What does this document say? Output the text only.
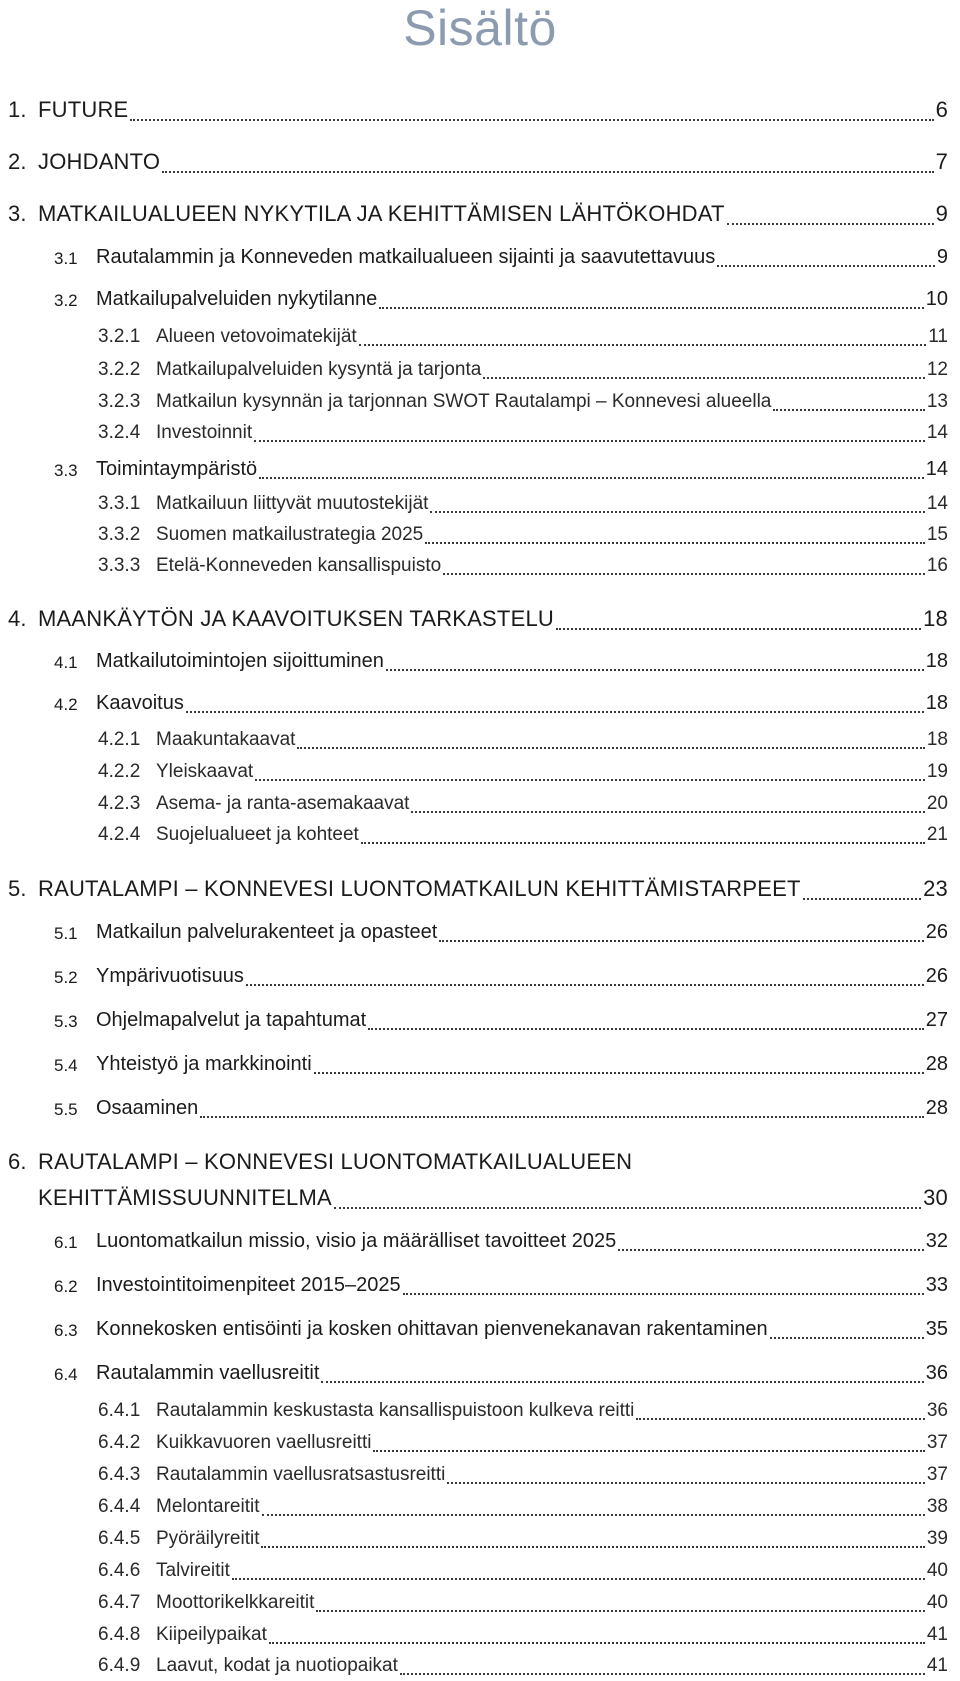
Sisältö
1. FUTURE	6
2. JOHDANTO	7
3. MATKAILUALUEEN NYKYTILA JA KEHITTÄMISEN LÄHTÖKOHDAT	9
3.1 Rautalammin ja Konneveden matkailualueen sijainti ja saavutettavuus	9
3.2 Matkailupalveluiden nykytilanne	10
3.2.1 Alueen vetovoimatekijät	11
3.2.2 Matkailupalveluiden kysyntä ja tarjonta	12
3.2.3 Matkailun kysynnän ja tarjonnan SWOT Rautalampi – Konnevesi alueella	13
3.2.4 Investoinnit	14
3.3 Toimintaympäristö	14
3.3.1 Matkailuun liittyvät muutostekijät	14
3.3.2 Suomen matkailustrategia 2025	15
3.3.3 Etelä-Konneveden kansallispuisto	16
4. MAANKÄYTÖN JA KAAVOITUKSEN TARKASTELU	18
4.1 Matkailutoimintojen sijoittuminen	18
4.2 Kaavoitus	18
4.2.1 Maakuntakaavat	18
4.2.2 Yleiskaavat	19
4.2.3 Asema- ja ranta-asemakaavat	20
4.2.4 Suojelualueet ja kohteet	21
5. RAUTALAMPI – KONNEVESI LUONTOMATKAILUN KEHITTÄMISTARPEET	23
5.1 Matkailun palvelurakenteet ja opasteet	26
5.2 Ympärivuotisuus	26
5.3 Ohjelmapalvelut ja tapahtumat	27
5.4 Yhteistyö ja markkinointi	28
5.5 Osaaminen	28
6. RAUTALAMPI – KONNEVESI LUONTOMATKAILUALUEEN
KEHITTÄMISSUUNNITELMA	30
6.1 Luontomatkailun missio, visio ja määrälliset tavoitteet 2025	32
6.2 Investointitoimenpiteet 2015–2025	33
6.3 Konnekosken entisöinti ja kosken ohittavan pienvenekanavan rakentaminen	35
6.4 Rautalammin vaellusreitit	36
6.4.1 Rautalammin keskustasta kansallispuistoon kulkeva reitti	36
6.4.2 Kuikkavuoren vaellusreitti	37
6.4.3 Rautalammin vaellusratsastusreitti	37
6.4.4 Melontareitit	38
6.4.5 Pyöräilyreitit	39
6.4.6 Talvireitit	40
6.4.7 Moottorikelkkareitit	40
6.4.8 Kiipeilypaikat	41
6.4.9 Laavut, kodat ja nuotiopaikat	41
